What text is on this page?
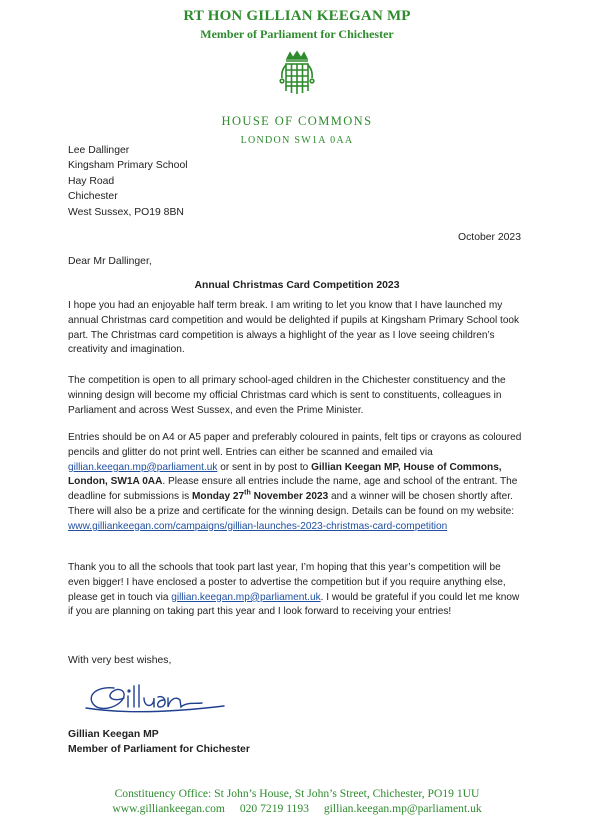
RT HON GILLIAN KEEGAN MP
Member of Parliament for Chichester
HOUSE OF COMMONS
LONDON SW1A 0AA
Lee Dallinger
Kingsham Primary School
Hay Road
Chichester
West Sussex, PO19 8BN
October 2023
Dear Mr Dallinger,
Annual Christmas Card Competition 2023
I hope you had an enjoyable half term break. I am writing to let you know that I have launched my annual Christmas card competition and would be delighted if pupils at Kingsham Primary School took part. The Christmas card competition is always a highlight of the year as I love seeing children’s creativity and imagination.
The competition is open to all primary school-aged children in the Chichester constituency and the winning design will become my official Christmas card which is sent to constituents, colleagues in Parliament and across West Sussex, and even the Prime Minister.
Entries should be on A4 or A5 paper and preferably coloured in paints, felt tips or crayons as coloured pencils and glitter do not print well. Entries can either be scanned and emailed via gillian.keegan.mp@parliament.uk or sent in by post to Gillian Keegan MP, House of Commons, London, SW1A 0AA. Please ensure all entries include the name, age and school of the entrant. The deadline for submissions is Monday 27th November 2023 and a winner will be chosen shortly after. There will also be a prize and certificate for the winning design. Details can be found on my website: www.gilliankeegan.com/campaigns/gillian-launches-2023-christmas-card-competition
Thank you to all the schools that took part last year, I’m hoping that this year’s competition will be even bigger! I have enclosed a poster to advertise the competition but if you require anything else, please get in touch via gillian.keegan.mp@parliament.uk. I would be grateful if you could let me know if you are planning on taking part this year and I look forward to receiving your entries!
With very best wishes,
Gillian Keegan MP
Member of Parliament for Chichester
Constituency Office: St John’s House, St John’s Street, Chichester, PO19 1UU
www.gilliankeegan.com 020 7219 1193 gillian.keegan.mp@parliament.uk
